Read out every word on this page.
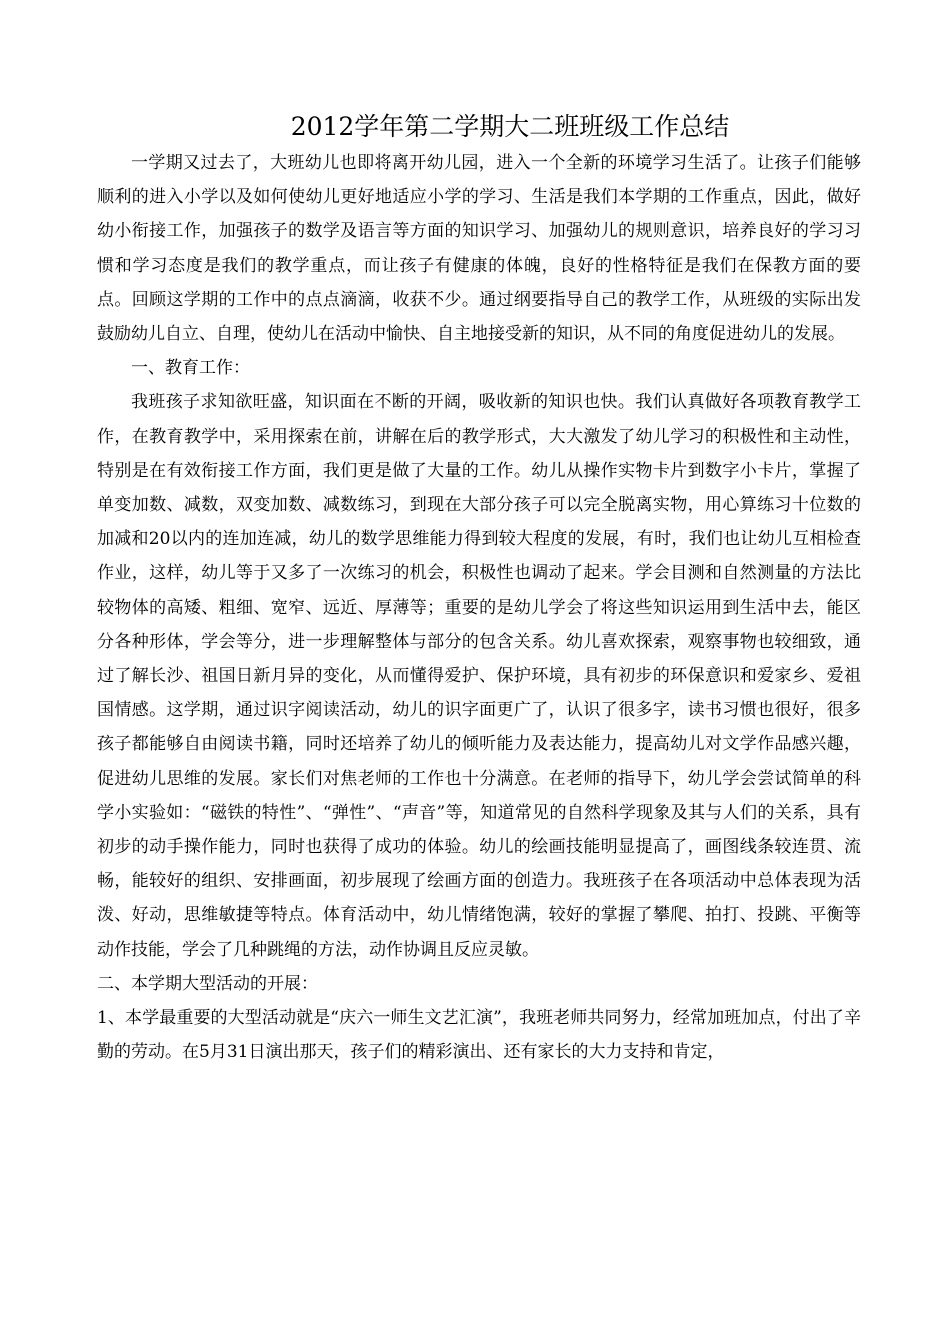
2012学年第二学期大二班班级工作总结

一学期又过去了，大班幼儿也即将离开幼儿园，进入一个全新的环境学习生活了。让孩子们能够顺利的进入小学以及如何使幼儿更好地适应小学的学习、生活是我们本学期的工作重点，因此，做好幼小衔接工作，加强孩子的数学及语言等方面的知识学习、加强幼儿的规则意识，培养良好的学习习惯和学习态度是我们的教学重点，而让孩子有健康的体魄，良好的性格特征是我们在保教方面的要点。回顾这学期的工作中的点点滴滴，收获不少。通过纲要指导自己的教学工作，从班级的实际出发鼓励幼儿自立、自理，使幼儿在活动中愉快、自主地接受新的知识，从不同的角度促进幼儿的发展。

一、教育工作：

我班孩子求知欲旺盛，知识面在不断的开阔，吸收新的知识也快。我们认真做好各项教育教学工作，在教育教学中，采用探索在前，讲解在后的教学形式，大大激发了幼儿学习的积极性和主动性，特别是在有效衔接工作方面，我们更是做了大量的工作。幼儿从操作实物卡片到数字小卡片，掌握了单变加数、减数，双变加数、减数练习，到现在大部分孩子可以完全脱离实物，用心算练习十位数的加减和20以内的连加连减，幼儿的数学思维能力得到较大程度的发展，有时，我们也让幼儿互相检查作业，这样，幼儿等于又多了一次练习的机会，积极性也调动了起来。学会目测和自然测量的方法比较物体的高矮、粗细、宽窄、远近、厚薄等；重要的是幼儿学会了将这些知识运用到生活中去，能区分各种形体，学会等分，进一步理解整体与部分的包含关系。幼儿喜欢探索，观察事物也较细致，通过了解长沙、祖国日新月异的变化，从而懂得爱护、保护环境，具有初步的环保意识和爱家乡、爱祖国情感。这学期，通过识字阅读活动，幼儿的识字面更广了，认识了很多字，读书习惯也很好，很多孩子都能够自由阅读书籍，同时还培养了幼儿的倾听能力及表达能力，提高幼儿对文学作品感兴趣，促进幼儿思维的发展。家长们对焦老师的工作也十分满意。在老师的指导下，幼儿学会尝试简单的科学小实验如：“磁铁的特性”、“弹性”、“声音”等，知道常见的自然科学现象及其与人们的关系，具有初步的动手操作能力，同时也获得了成功的体验。幼儿的绘画技能明显提高了，画图线条较连贯、流畅，能较好的组织、安排画面，初步展现了绘画方面的创造力。我班孩子在各项活动中总体表现为活泼、好动，思维敏捷等特点。体育活动中，幼儿情绪饱满，较好的掌握了攀爬、拍打、投跳、平衡等动作技能，学会了几种跳绳的方法，动作协调且反应灵敏。

二、本学期大型活动的开展：

1、本学最重要的大型活动就是“庆六一师生文艺汇演”，我班老师共同努力，经常加班加点，付出了辛勤的劳动。在5月31日演出那天，孩子们的精彩演出、还有家长的大力支持和肯定，
